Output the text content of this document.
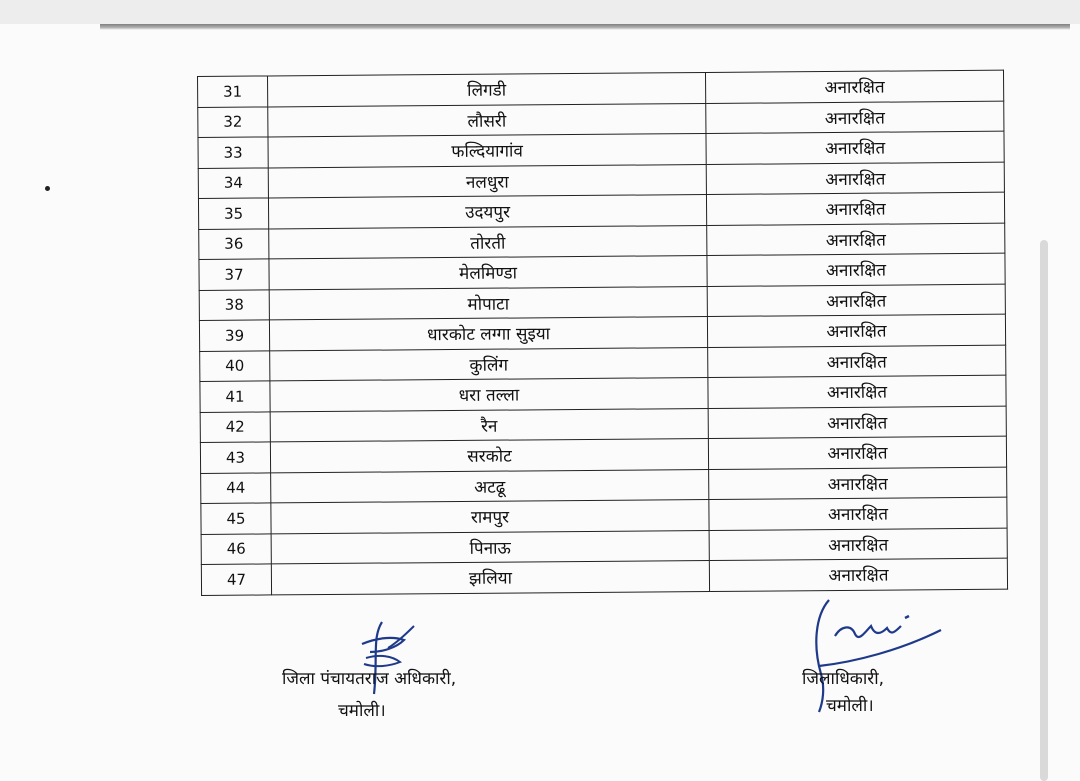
31	लिगडी	अनारक्षित
32	लौसरी	अनारक्षित
33	फल्दियागांव	अनारक्षित
34	नलधुरा	अनारक्षित
35	उदयपुर	अनारक्षित
36	तोरती	अनारक्षित
37	मेलमिण्डा	अनारक्षित
38	मोपाटा	अनारक्षित
39	धारकोट लग्गा सुइया	अनारक्षित
40	कुलिंग	अनारक्षित
41	धरा तल्ला	अनारक्षित
42	रैन	अनारक्षित
43	सरकोट	अनारक्षित
44	अटढू	अनारक्षित
45	रामपुर	अनारक्षित
46	पिनाऊ	अनारक्षित
47	झलिया	अनारक्षित
जिला पंचायतराज अधिकारी,
चमोली।
जिलाधिकारी,
चमोली।
